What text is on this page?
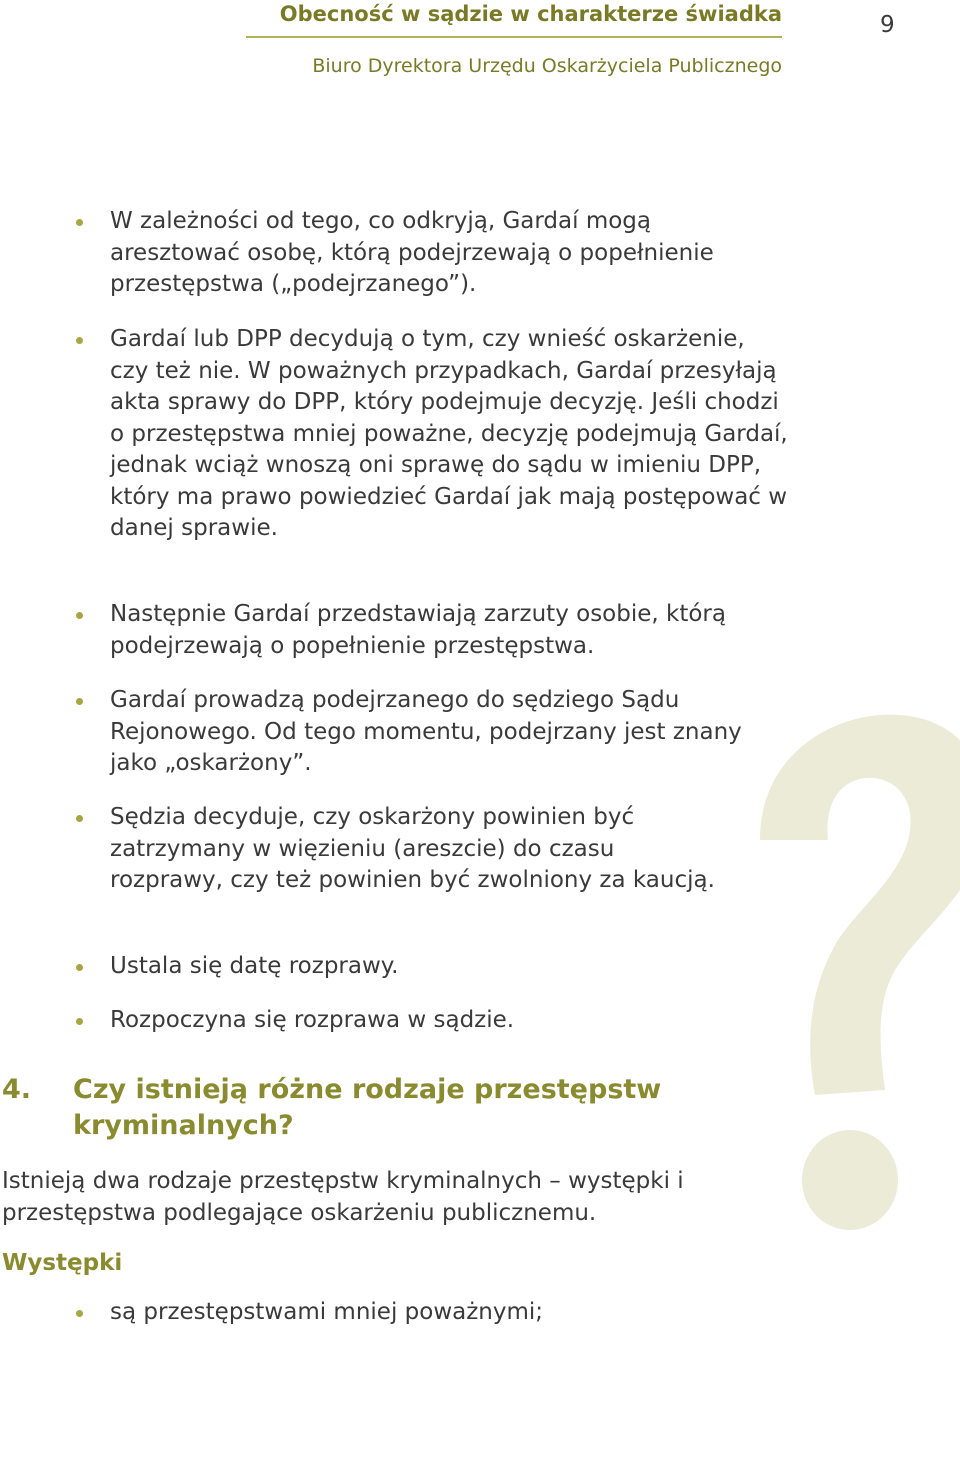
Obecność w sądzie w charakterze świadka
Biuro Dyrektora Urzędu Oskarżyciela Publicznego
9
W zależności od tego, co odkryją, Gardaí mogą aresztować osobę, którą podejrzewają o popełnienie przestępstwa („podejrzanego”).
Gardaí lub DPP decydują o tym, czy wnieść oskarżenie, czy też nie. W poważnych przypadkach, Gardaí przesyłają akta sprawy do DPP, który podejmuje decyzję. Jeśli chodzi o przestępstwa mniej poważne, decyzję podejmują Gardaí, jednak wciąż wnoszą oni sprawę do sądu w imieniu DPP, który ma prawo powiedzieć Gardaí jak mają postępować w danej sprawie.
Następnie Gardaí przedstawiają zarzuty osobie, którą podejrzewają o popełnienie przestępstwa.
Gardaí prowadzą podejrzanego do sędziego Sądu Rejonowego. Od tego momentu, podejrzany jest znany jako „oskarżony”.
Sędzia decyduje, czy oskarżony powinien być zatrzymany w więzieniu (areszcie) do czasu rozprawy, czy też powinien być zwolniony za kaucją.
Ustala się datę rozprawy.
Rozpoczyna się rozprawa w sądzie.
4. Czy istnieją różne rodzaje przestępstw kryminalnych?

Istnieją dwa rodzaje przestępstw kryminalnych – występki i przestępstwa podlegające oskarżeniu publicznemu.

Występki
są przestępstwami mniej poważnymi;
